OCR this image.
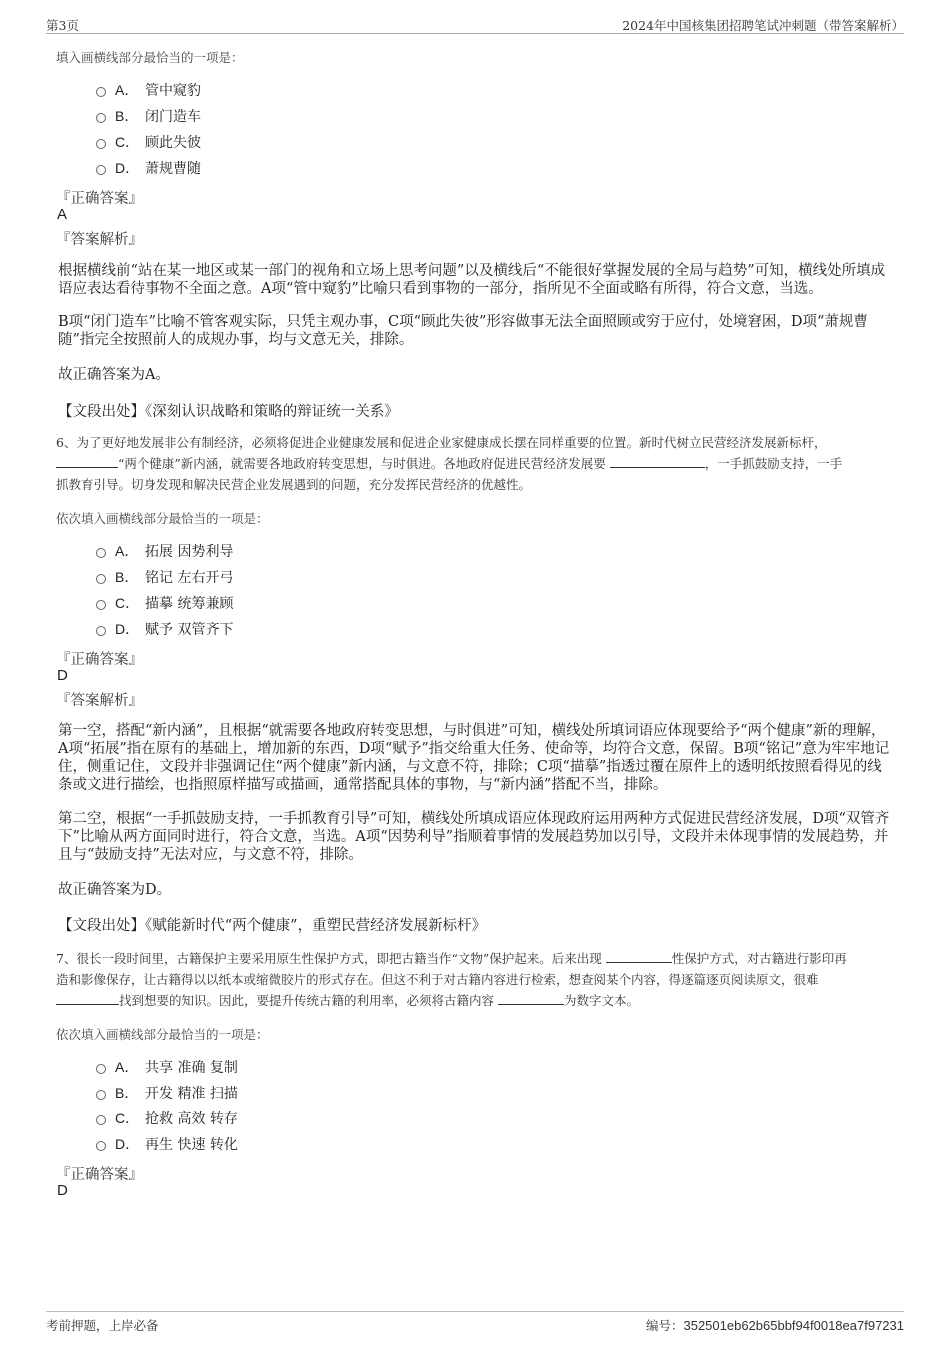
第3页	2024年中国核集团招聘笔试冲刺题（带答案解析）
填入画横线部分最恰当的一项是：
A． 管中窥豹
B． 闭门造车
C． 顾此失彼
D． 萧规曹随
『正确答案』
A
『答案解析』
根据横线前“站在某一地区或某一部门的视角和立场上思考问题”以及横线后“不能很好掌握发展的全局与趋势”可知，横线处所填成语应表达看待事物不全面之意。A项“管中窥豹”比喻只看到事物的一部分，指所见不全面或略有所得，符合文意，当选。
B项“闭门造车”比喻不管客观实际，只凭主观办事，C项“顾此失彼”形容做事无法全面照顾或穷于应付，处境窘困，D项“萧规曹随”指完全按照前人的成规办事，均与文意无关，排除。
故正确答案为A。
【文段出处】《深刻认识战略和策略的辩证统一关系》
6、为了更好地发展非公有制经济，必须将促进企业健康发展和促进企业家健康成长摆在同样重要的位置。新时代树立民营经济发展新标杆，
“两个健康”新内涵，就需要各地政府转变思想，与时俱进。各地政府促进民营经济发展要	，一手抓鼓励支持，一手
抓教育引导。切身发现和解决民营企业发展遇到的问题，充分发挥民营经济的优越性。
依次填入画横线部分最恰当的一项是：
A． 拓展 因势利导
B． 铭记 左右开弓
C． 描摹 统筹兼顾
D． 赋予 双管齐下
『正确答案』
D
『答案解析』
第一空，搭配“新内涵”，且根据“就需要各地政府转变思想，与时俱进”可知，横线处所填词语应体现要给予“两个健康”新的理解，A项“拓展”指在原有的基础上，增加新的东西，D项“赋予”指交给重大任务、使命等，均符合文意，保留。B项“铭记”意为牢牢地记住，侧重记住，文段并非强调记住“两个健康”新内涵，与文意不符，排除；C项“描摹”指透过覆在原件上的透明纸按照看得见的线条或文进行描绘，也指照原样描写或描画，通常搭配具体的事物，与“新内涵”搭配不当，排除。
第二空，根据“一手抓鼓励支持，一手抓教育引导”可知，横线处所填成语应体现政府运用两种方式促进民营经济发展，D项“双管齐下”比喻从两方面同时进行，符合文意，当选。A项“因势利导”指顺着事情的发展趋势加以引导，文段并未体现事情的发展趋势，并且与“鼓励支持”无法对应，与文意不符，排除。
故正确答案为D。
【文段出处】《赋能新时代“两个健康”，重塑民营经济发展新标杆》
7、很长一段时间里，古籍保护主要采用原生性保护方式，即把古籍当作“文物”保护起来。后来出现	性保护方式，对古籍进行影印再
造和影像保存，让古籍得以以纸本或缩微胶片的形式存在。但这不利于对古籍内容进行检索，想查阅某个内容，得逐篇逐页阅读原文，很难
找到想要的知识。因此，要提升传统古籍的利用率，必须将古籍内容	为数字文本。
依次填入画横线部分最恰当的一项是：
A． 共享 准确 复制
B． 开发 精准 扫描
C． 抢救 高效 转存
D． 再生 快速 转化
『正确答案』
D
考前押题，上岸必备	编号：352501eb62b65bbf94f0018ea7f97231
